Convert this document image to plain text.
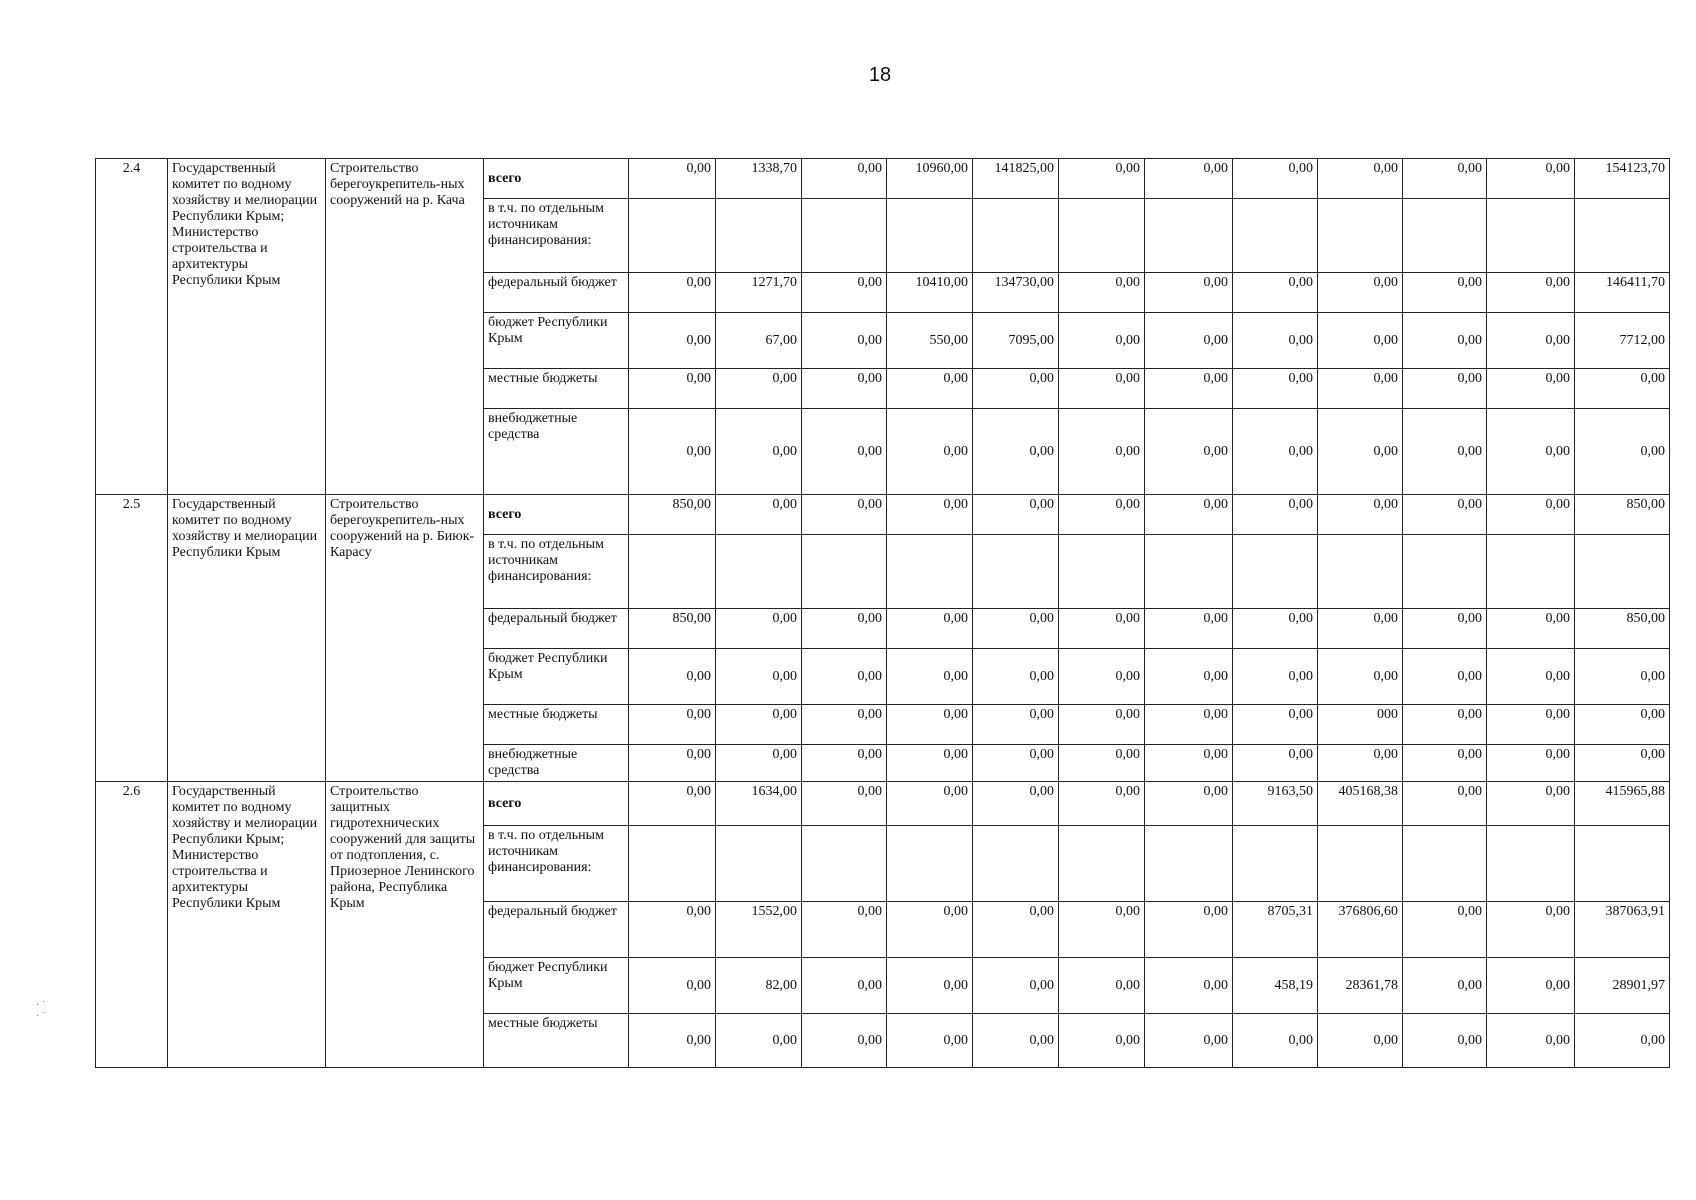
18
2.4	Государственный комитет по водному хозяйству и мелиорации Республики Крым; Министерство строительства и архитектуры Республики Крым	Строительство берегоукрепитель-ных сооружений на р. Кача	всего	0,00	1338,70	0,00	10960,00	141825,00	0,00	0,00	0,00	0,00	0,00	0,00	154123,70
			в т.ч. по отдельным источникам финансирования:												
			федеральный бюджет	0,00	1271,70	0,00	10410,00	134730,00	0,00	0,00	0,00	0,00	0,00	0,00	146411,70
			бюджет Республики Крым	0,00	67,00	0,00	550,00	7095,00	0,00	0,00	0,00	0,00	0,00	0,00	7712,00
			местные бюджеты	0,00	0,00	0,00	0,00	0,00	0,00	0,00	0,00	0,00	0,00	0,00	0,00
			внебюджетные средства	0,00	0,00	0,00	0,00	0,00	0,00	0,00	0,00	0,00	0,00	0,00	0,00
2.5	Государственный комитет по водному хозяйству и мелиорации Республики Крым	Строительство берегоукрепитель-ных сооружений на р. Биюк-Карасу	всего	850,00	0,00	0,00	0,00	0,00	0,00	0,00	0,00	0,00	0,00	0,00	850,00
			в т.ч. по отдельным источникам финансирования:												
			федеральный бюджет	850,00	0,00	0,00	0,00	0,00	0,00	0,00	0,00	0,00	0,00	0,00	850,00
			бюджет Республики Крым	0,00	0,00	0,00	0,00	0,00	0,00	0,00	0,00	0,00	0,00	0,00	0,00
			местные бюджеты	0,00	0,00	0,00	0,00	0,00	0,00	0,00	0,00	000	0,00	0,00	0,00
			внебюджетные средства	0,00	0,00	0,00	0,00	0,00	0,00	0,00	0,00	0,00	0,00	0,00	0,00
2.6	Государственный комитет по водному хозяйству и мелиорации Республики Крым; Министерство строительства и архитектуры Республики Крым	Строительство защитных гидротехнических сооружений для защиты от подтопления, с. Приозерное Ленинского района, Республика Крым	всего	0,00	1634,00	0,00	0,00	0,00	0,00	0,00	9163,50	405168,38	0,00	0,00	415965,88
			в т.ч. по отдельным источникам финансирования:												
			федеральный бюджет	0,00	1552,00	0,00	0,00	0,00	0,00	0,00	8705,31	376806,60	0,00	0,00	387063,91
			бюджет Республики Крым	0,00	82,00	0,00	0,00	0,00	0,00	0,00	458,19	28361,78	0,00	0,00	28901,97
			местные бюджеты	0,00	0,00	0,00	0,00	0,00	0,00	0,00	0,00	0,00	0,00	0,00	0,00
· ˙
· ˙
